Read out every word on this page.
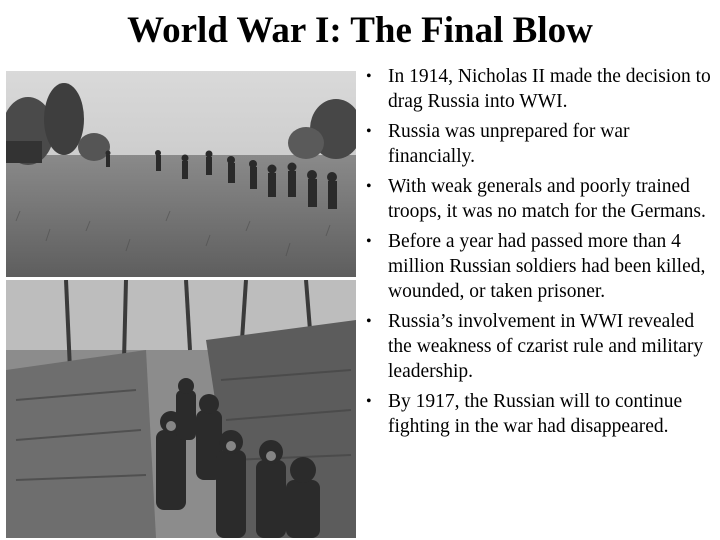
World War I: The Final Blow
• In 1914, Nicholas II made the decision to drag Russia into WWI.
• Russia was unprepared for war financially.
• With weak generals and poorly trained troops, it was no match for the Germans.
• Before a year had passed more than 4 million Russian soldiers had been killed, wounded, or taken prisoner.
• Russia’s involvement in WWI revealed the weakness of czarist rule and military leadership.
• By 1917, the Russian will to continue fighting in the war had disappeared.
